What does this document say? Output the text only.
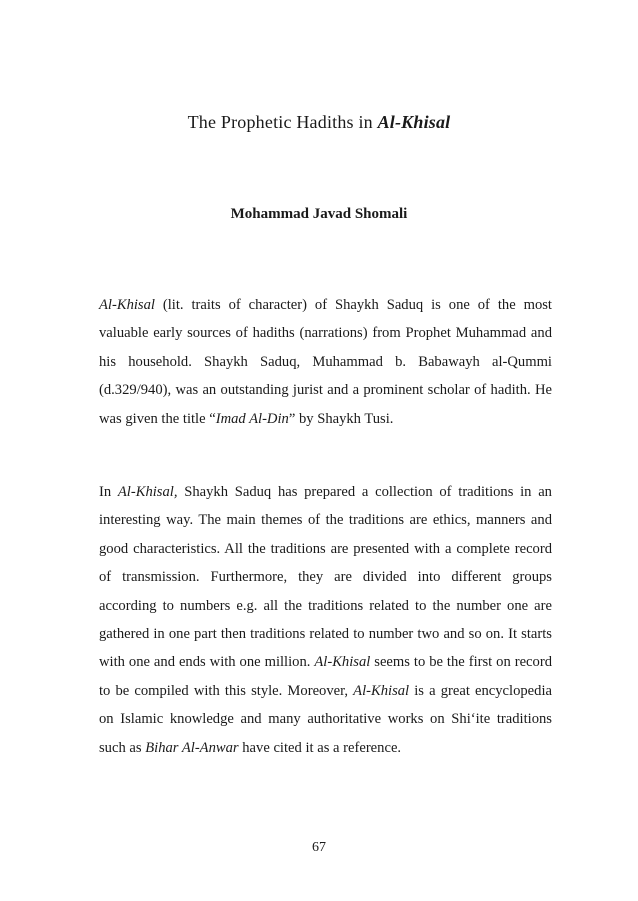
The Prophetic Hadiths in Al-Khisal
Mohammad Javad Shomali

Al-Khisal (lit. traits of character) of Shaykh Saduq is one of the most valuable early sources of hadiths (narrations) from Prophet Muhammad and his household. Shaykh Saduq, Muhammad b. Babawayh al-Qummi (d.329/940), was an outstanding jurist and a prominent scholar of hadith. He was given the title “Imad Al-Din” by Shaykh Tusi.

In Al-Khisal, Shaykh Saduq has prepared a collection of traditions in an interesting way. The main themes of the traditions are ethics, manners and good characteristics. All the traditions are presented with a complete record of transmission. Furthermore, they are divided into different groups according to numbers e.g. all the traditions related to the number one are gathered in one part then traditions related to number two and so on. It starts with one and ends with one million. Al-Khisal seems to be the first on record to be compiled with this style. Moreover, Al-Khisal is a great encyclopedia on Islamic knowledge and many authoritative works on Shi‘ite traditions such as Bihar Al-Anwar have cited it as a reference.

67
